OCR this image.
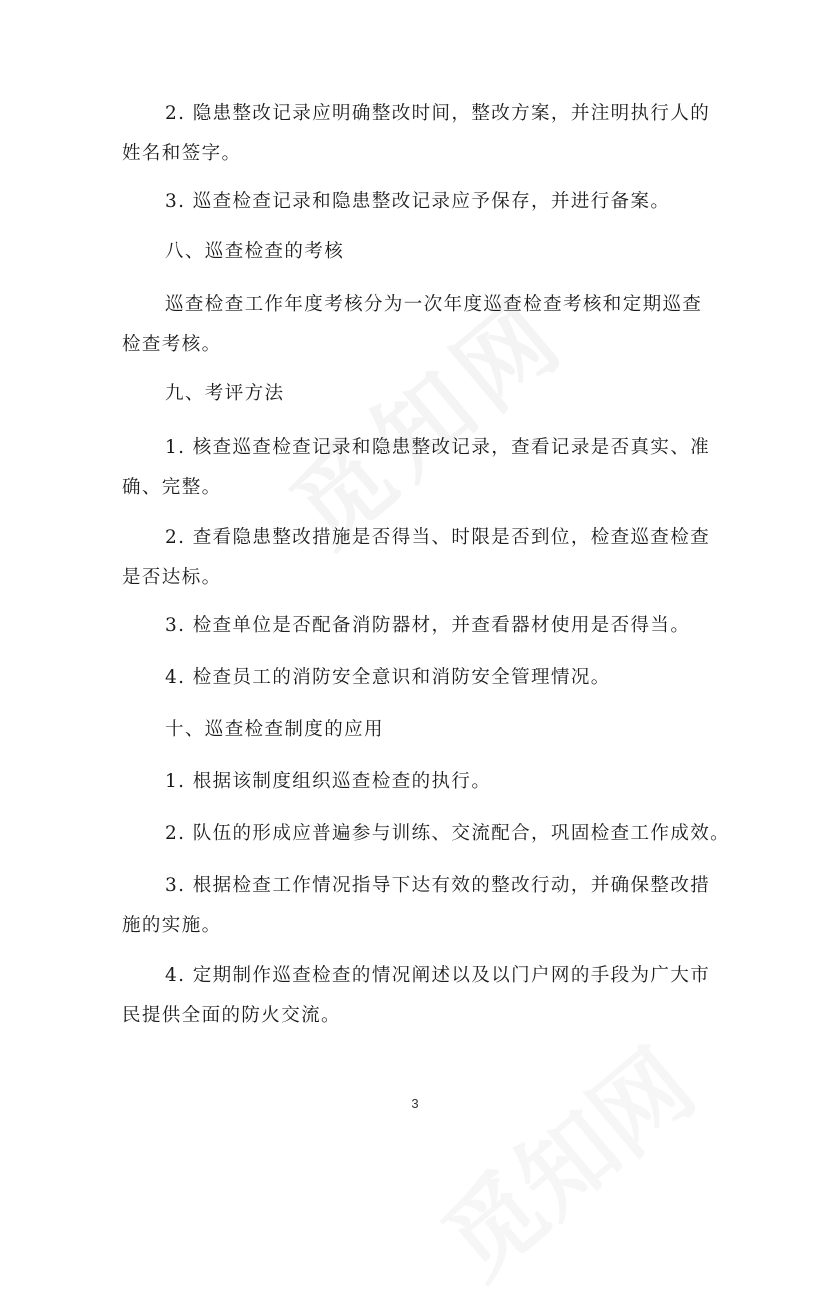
2. 隐患整改记录应明确整改时间，整改方案，并注明执行人的
姓名和签字。

3. 巡查检查记录和隐患整改记录应予保存，并进行备案。

八、巡查检查的考核

巡查检查工作年度考核分为一次年度巡查检查考核和定期巡查
检查考核。

九、考评方法

1. 核查巡查检查记录和隐患整改记录，查看记录是否真实、准
确、完整。

2. 查看隐患整改措施是否得当、时限是否到位，检查巡查检查
是否达标。

3. 检查单位是否配备消防器材，并查看器材使用是否得当。

4. 检查员工的消防安全意识和消防安全管理情况。

十、巡查检查制度的应用

1. 根据该制度组织巡查检查的执行。

2. 队伍的形成应普遍参与训练、交流配合，巩固检查工作成效。

3. 根据检查工作情况指导下达有效的整改行动，并确保整改措
施的实施。

4. 定期制作巡查检查的情况阐述以及以门户网的手段为广大市
民提供全面的防火交流。

3
